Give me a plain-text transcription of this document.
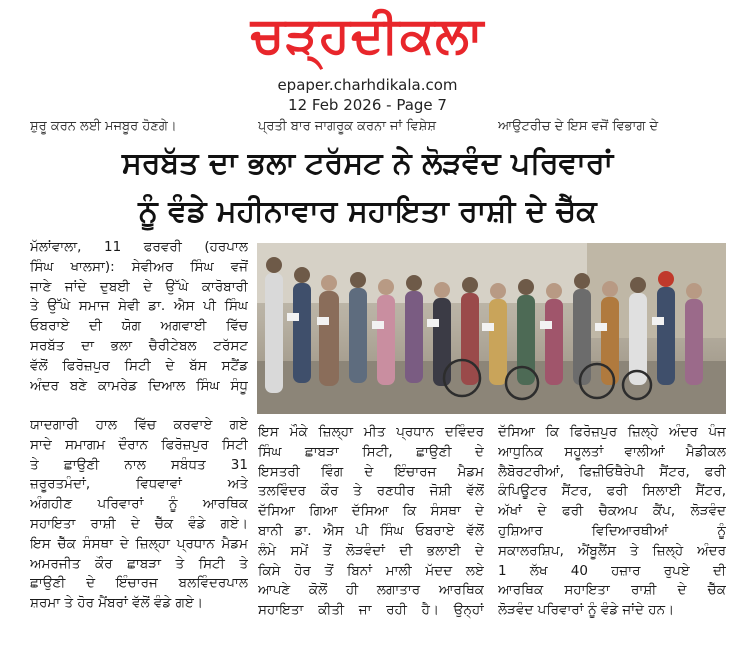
ਚੜ੍ਹਦੀਕਲਾ
epaper.charhdikala.com
12 Feb 2026 - Page 7
ਸ਼ੁਰੂ ਕਰਨ ਲਈ ਮਜਬੂਰ ਹੋਣਗੇ।	ਪ੍ਰਤੀ ਬਾਰ ਜਾਗਰੂਕ ਕਰਨਾ ਜਾਂ ਵਿਸ਼ੇਸ਼	ਆਉਟਰੀਚ ਦੇ ਇਸ ਵਜੋਂ ਵਿਭਾਗ ਦੇ
ਸਰਬੱਤ ਦਾ ਭਲਾ ਟਰੱਸਟ ਨੇ ਲੋੜਵੰਦ ਪਰਿਵਾਰਾਂ
ਨੂੰ ਵੰਡੇ ਮਹੀਨਾਵਾਰ ਸਹਾਇਤਾ ਰਾਸ਼ੀ ਦੇ ਚੈੱਕ

ਮੱਲਾਂਵਾਲਾ, 11 ਫਰਵਰੀ (ਹਰਪਾਲ

ਸਿੰਘ ਖਾਲਸਾ): ਸੇਵੀਅਰ ਸਿੰਘ ਵਜੋਂ

ਜਾਣੇ ਜਾਂਦੇ ਦੁਬਈ ਦੇ ਉੱਘੇ ਕਾਰੋਬਾਰੀ

ਤੇ ਉੱਘੇ ਸਮਾਜ ਸੇਵੀ ਡਾ. ਐਸ ਪੀ ਸਿੰਘ

ਓਬਰਾਏ ਦੀ ਯੋਗ ਅਗਵਾਈ ਵਿੱਚ

ਸਰਬੱਤ ਦਾ ਭਲਾ ਚੈਰੀਟੇਬਲ ਟਰੱਸਟ

ਵੱਲੋਂ ਫਿਰੋਜ਼ਪੁਰ ਸਿਟੀ ਦੇ ਬੱਸ ਸਟੈਂਡ

ਅੰਦਰ ਬਣੇ ਕਾਮਰੇਡ ਦਿਆਲ ਸਿੰਘ ਸੰਧੂ

ਯਾਦਗਾਰੀ ਹਾਲ ਵਿੱਚ ਕਰਵਾਏ ਗਏ

ਸਾਦੇ ਸਮਾਗਮ ਦੌਰਾਨ ਫਿਰੋਜ਼ਪੁਰ ਸਿਟੀ

ਤੇ ਛਾਉਣੀ ਨਾਲ ਸਬੰਧਤ 31

ਜ਼ਰੂਰਤਮੰਦਾਂ, ਵਿਧਵਾਵਾਂ ਅਤੇ

ਅੰਗਹੀਣ ਪਰਿਵਾਰਾਂ ਨੂੰ ਆਰਥਿਕ

ਸਹਾਇਤਾ ਰਾਸ਼ੀ ਦੇ ਚੈੱਕ ਵੰਡੇ ਗਏ।

ਇਸ ਚੈੱਕ ਸੰਸਥਾ ਦੇ ਜ਼ਿਲ੍ਹਾ ਪ੍ਰਧਾਨ ਮੈਡਮ

ਅਮਰਜੀਤ ਕੌਰ ਛਾਬੜਾ ਤੇ ਸਿਟੀ ਤੇ

ਛਾਉਣੀ ਦੇ ਇੰਚਾਰਜ ਬਲਵਿੰਦਰਪਾਲ

ਸ਼ਰਮਾ ਤੇ ਹੋਰ ਮੈਂਬਰਾਂ ਵੱਲੋਂ ਵੰਡੇ ਗਏ।

ਇਸ ਮੌਕੇ ਜ਼ਿਲ੍ਹਾ ਮੀਤ ਪ੍ਰਧਾਨ ਦਵਿੰਦਰ

ਸਿੰਘ ਛਾਬੜਾ ਸਿਟੀ, ਛਾਉਣੀ ਦੇ

ਇਸਤਰੀ ਵਿੰਗ ਦੇ ਇੰਚਾਰਜ ਮੈਡਮ

ਤਲਵਿੰਦਰ ਕੌਰ ਤੇ ਰਣਧੀਰ ਜੋਸ਼ੀ ਵੱਲੋਂ

ਦੱਸਿਆ ਗਿਆ ਦੱਸਿਆ ਕਿ ਸੰਸਥਾ ਦੇ

ਬਾਨੀ ਡਾ. ਐਸ ਪੀ ਸਿੰਘ ਓਬਰਾਏ ਵੱਲੋਂ

ਲੰਮੇ ਸਮੇਂ ਤੋਂ ਲੋੜਵੰਦਾਂ ਦੀ ਭਲਾਈ ਦੇ

ਕਿਸੇ ਹੋਰ ਤੋਂ ਬਿਨਾਂ ਮਾਲੀ ਮੱਦਦ ਲਏ

ਆਪਣੇ ਕੋਲੋਂ ਹੀ ਲਗਾਤਾਰ ਆਰਥਿਕ

ਸਹਾਇਤਾ ਕੀਤੀ ਜਾ ਰਹੀ ਹੈ। ਉਨ੍ਹਾਂ

ਦੱਸਿਆ ਕਿ ਫਿਰੋਜ਼ਪੁਰ ਜ਼ਿਲ੍ਹੇ ਅੰਦਰ ਪੰਜ

ਆਧੁਨਿਕ ਸਹੂਲਤਾਂ ਵਾਲੀਆਂ ਮੈਡੀਕਲ

ਲੈਬੋਰਟਰੀਆਂ, ਫਿਜ਼ੀਓਥੈਰੇਪੀ ਸੈਂਟਰ, ਫਰੀ

ਕੰਪਿਊਟਰ ਸੈਂਟਰ, ਫਰੀ ਸਿਲਾਈ ਸੈਂਟਰ,

ਅੱਖਾਂ ਦੇ ਫਰੀ ਚੈਕਅਪ ਕੈਂਪ, ਲੋੜਵੰਦ

ਹੁਸ਼ਿਆਰ ਵਿਦਿਆਰਥੀਆਂ ਨੂੰ

ਸਕਾਲਰਸ਼ਿਪ, ਐਂਬੂਲੈਂਸ ਤੇ ਜ਼ਿਲ੍ਹੇ ਅੰਦਰ

1 ਲੱਖ 40 ਹਜ਼ਾਰ ਰੁਪਏ ਦੀ

ਆਰਥਿਕ ਸਹਾਇਤਾ ਰਾਸ਼ੀ ਦੇ ਚੈੱਕ

ਲੋੜਵੰਦ ਪਰਿਵਾਰਾਂ ਨੂੰ ਵੰਡੇ ਜਾਂਦੇ ਹਨ।
